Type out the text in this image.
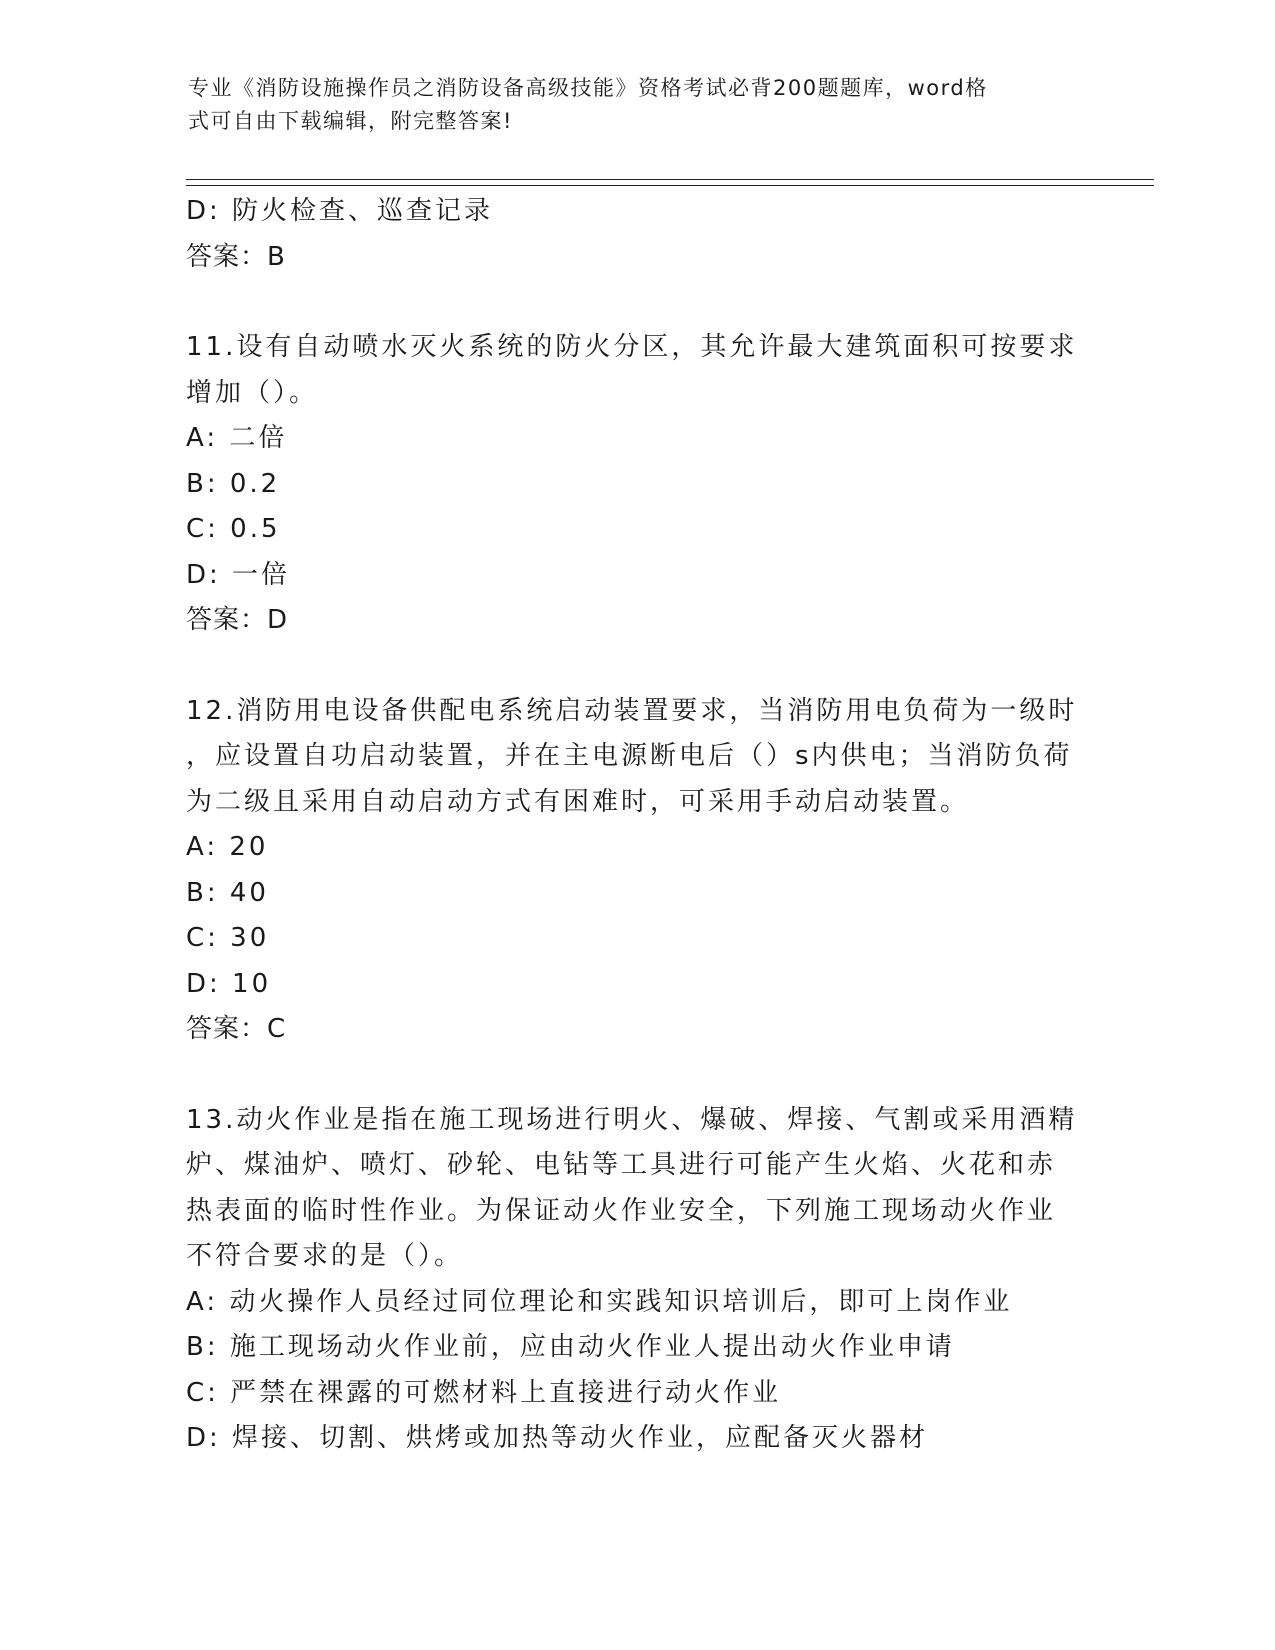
专业《消防设施操作员之消防设备高级技能》资格考试必背200题题库，word格
式可自由下载编辑，附完整答案!
D: 防火检查、巡查记录
答案：B
11.设有自动喷水灭火系统的防火分区，其允许最大建筑面积可按要求
增加（）。
A: 二倍
B: 0.2
C: 0.5
D: 一倍
答案：D
12.消防用电设备供配电系统启动装置要求，当消防用电负荷为一级时
，应设置自功启动装置，并在主电源断电后（）s内供电；当消防负荷
为二级且采用自动启动方式有困难时，可采用手动启动装置。
A: 20
B: 40
C: 30
D: 10
答案：C
13.动火作业是指在施工现场进行明火、爆破、焊接、气割或采用酒精
炉、煤油炉、喷灯、砂轮、电钻等工具进行可能产生火焰、火花和赤
热表面的临时性作业。为保证动火作业安全，下列施工现场动火作业
不符合要求的是（）。
A: 动火操作人员经过同位理论和实践知识培训后，即可上岗作业
B: 施工现场动火作业前，应由动火作业人提出动火作业申请
C: 严禁在裸露的可燃材料上直接进行动火作业
D: 焊接、切割、烘烤或加热等动火作业，应配备灭火器材
